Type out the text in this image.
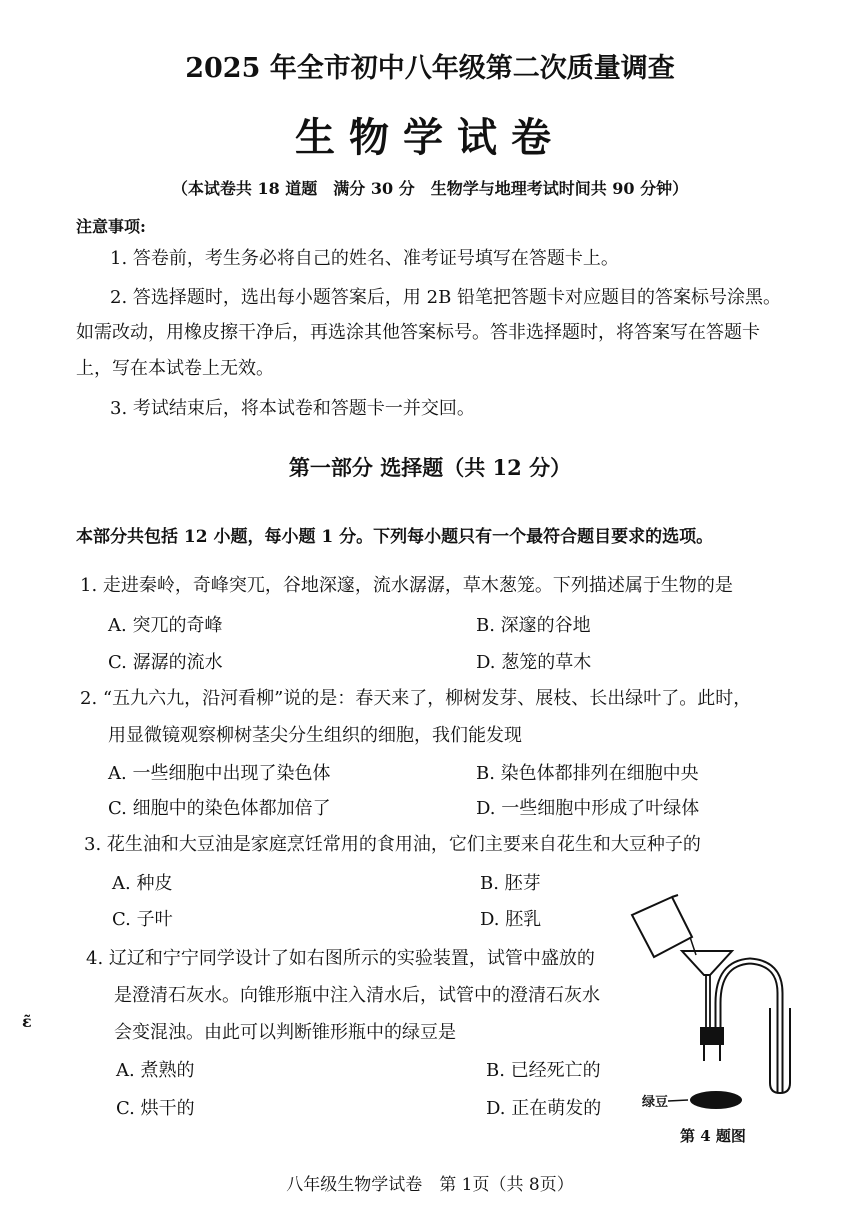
2025 年全市初中八年级第二次质量调查
生物学试卷
（本试卷共 18 道题　满分 30 分　生物学与地理考试时间共 90 分钟）
注意事项:
1. 答卷前，考生务必将自己的姓名、准考证号填写在答题卡上。
2. 答选择题时，选出每小题答案后，用 2B 铅笔把答题卡对应题目的答案标号涂黑。
如需改动，用橡皮擦干净后，再选涂其他答案标号。答非选择题时，将答案写在答题卡
上，写在本试卷上无效。
3. 考试结束后，将本试卷和答题卡一并交回。
第一部分 选择题（共 12 分）
本部分共包括 12 小题，每小题 1 分。下列每小题只有一个最符合题目要求的选项。
1. 走进秦岭，奇峰突兀，谷地深邃，流水潺潺，草木葱笼。下列描述属于生物的是
A. 突兀的奇峰	B. 深邃的谷地
C. 潺潺的流水	D. 葱笼的草木
2. “五九六九，沿河看柳”说的是：春天来了，柳树发芽、展枝、长出绿叶了。此时，
用显微镜观察柳树茎尖分生组织的细胞，我们能发现
A. 一些细胞中出现了染色体	B. 染色体都排列在细胞中央
C. 细胞中的染色体都加倍了	D. 一些细胞中形成了叶绿体
3. 花生油和大豆油是家庭烹饪常用的食用油，它们主要来自花生和大豆种子的
A. 种皮	B. 胚芽
C. 子叶	D. 胚乳
4. 辽辽和宁宁同学设计了如右图所示的实验装置，试管中盛放的
是澄清石灰水。向锥形瓶中注入清水后，试管中的澄清石灰水
会变混浊。由此可以判断锥形瓶中的绿豆是
A. 煮熟的	B. 已经死亡的
C. 烘干的	D. 正在萌发的	绿豆
第 4 题图
ɛ̃
八年级生物学试卷　第 1页（共 8页）
